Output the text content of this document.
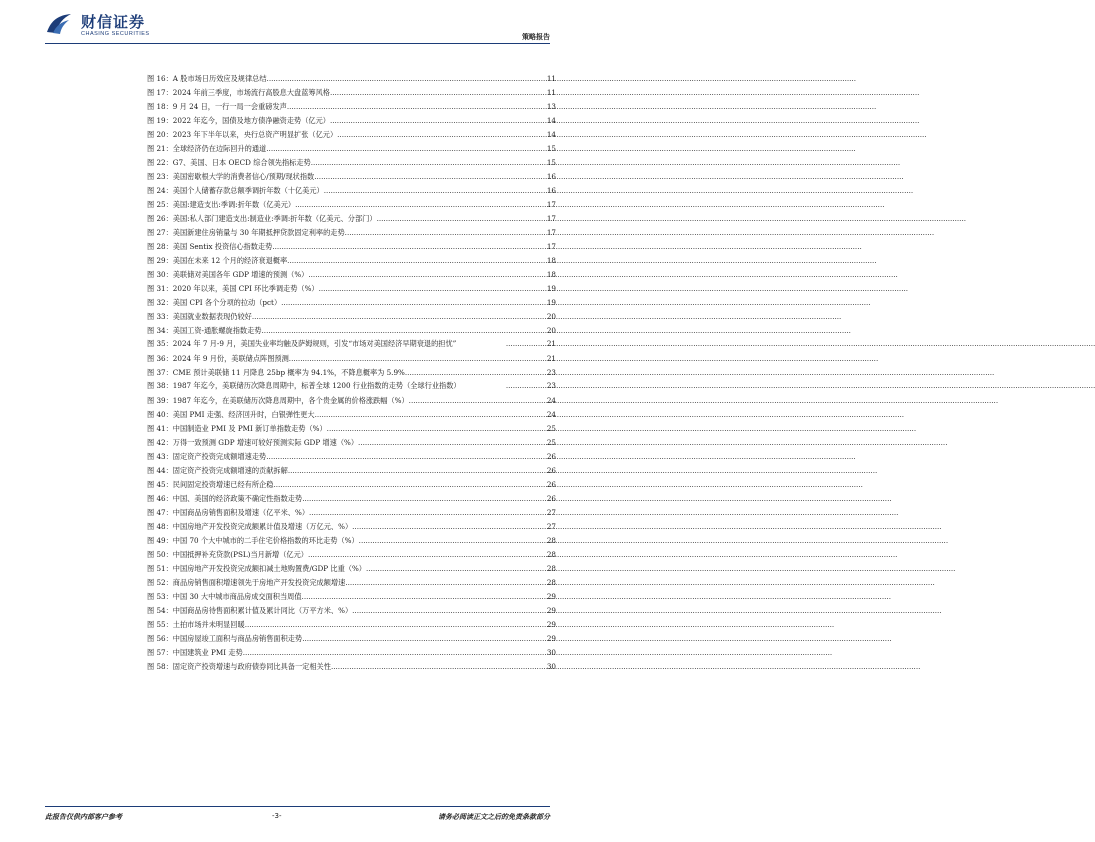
财信证券
CHASING SECURITIES	策略报告
图 16：A 股市场日历效应及规律总结 .....	11
图 17：2024 年前三季度，市场流行高股息大盘蓝筹风格 .....	11
图 18：9 月 24 日，一行一局一会重磅发声 .....	13
图 19：2022 年迄今，国债及地方债净融资走势（亿元） .....	14
图 20：2023 年下半年以来，央行总资产明显扩张（亿元） .....	14
图 21：全球经济仍在边际回升的通道 .....	15
图 22：G7、美国、日本 OECD 综合领先指标走势 .....	15
图 23：美国密歇根大学的消费者信心/预期/现状指数 .....	16
图 24：美国个人储蓄存款总额季调折年数（十亿美元） .....	16
图 25：美国:建造支出:季调:折年数（亿美元） .....	17
图 26：美国:私人部门建造支出:制造业:季调:折年数（亿美元、分部门） .....	17
图 27：美国新建住房销量与 30 年期抵押贷款固定利率的走势 .....	17
图 28：美国 Sentix 投资信心指数走势 .....	17
图 29：美国在未来 12 个月的经济衰退概率 .....	18
图 30：美联储对美国各年 GDP 增速的预测（%） .....	18
图 31：2020 年以来，美国 CPI 环比季调走势（%） .....	19
图 32：美国 CPI 各个分项的拉动（pct） .....	19
图 33：美国就业数据表现仍较好 .....	20
图 34：美国工资-通胀螺旋指数走势 .....	20
图 35：2024 年 7 月-9 月，美国失业率均触及萨姆规则，引发“市场对美国经济早期衰退的担忧” .....	21
图 36：2024 年 9 月份，美联储点阵图预测 .....	21
图 37：CME 预计美联储 11 月降息 25bp 概率为 94.1%，不降息概率为 5.9% .....	23
图 38：1987 年迄今，美联储历次降息周期中，标普全球 1200 行业指数的走势（全球行业指数） .....	23
图 39：1987 年迄今，在美联储历次降息周期中，各个贵金属的价格涨跌幅（%） .....	24
图 40：美国 PMI 走强、经济回升时，白银弹性更大 .....	24
图 41：中国制造业 PMI 及 PMI 新订单指数走势（%） .....	25
图 42：万得一致预测 GDP 增速可较好预测实际 GDP 增速（%） .....	25
图 43：固定资产投资完成额增速走势 .....	26
图 44：固定资产投资完成额增速的贡献拆解 .....	26
图 45：民间固定投资增速已经有所企稳 .....	26
图 46：中国、美国的经济政策不确定性指数走势 .....	26
图 47：中国商品房销售面积及增速（亿平米、%） .....	27
图 48：中国房地产开发投资完成额累计值及增速（万亿元、%） .....	27
图 49：中国 70 个大中城市的二手住宅价格指数的环比走势（%） .....	28
图 50：中国抵押补充贷款(PSL)当月新增（亿元） .....	28
图 51：中国房地产开发投资完成额扣减土地购置费/GDP 比重（%） .....	28
图 52：商品房销售面积增速领先于房地产开发投资完成额增速 .....	28
图 53：中国 30 大中城市商品房成交面积当周值 .....	29
图 54：中国商品房待售面积累计值及累计同比（万平方米、%） .....	29
图 55：土拍市场并未明显回暖 .....	29
图 56：中国房屋竣工面积与商品房销售面积走势 .....	29
图 57：中国建筑业 PMI 走势 .....	30
图 58：固定资产投资增速与政府债券同比具备一定相关性 .....	30
此报告仅供内部客户参考	-3-	请务必阅读正文之后的免责条款部分
